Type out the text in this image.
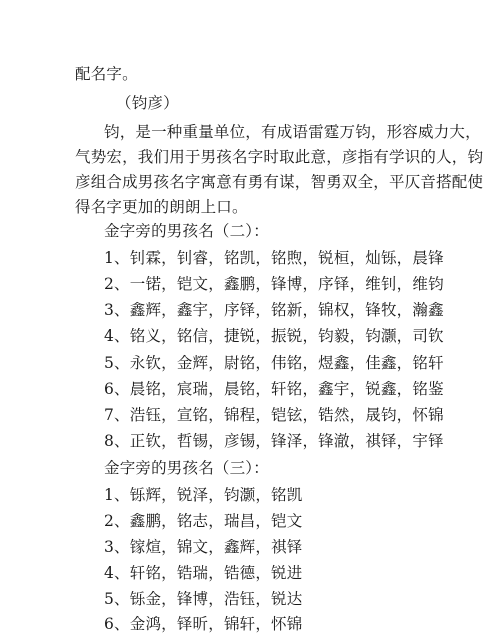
配名字。
（钧彦）
钧，是一种重量单位，有成语雷霆万钧，形容威力大，
气势宏，我们用于男孩名字时取此意，彦指有学识的人，钧
彦组合成男孩名字寓意有勇有谋，智勇双全，平仄音搭配使
得名字更加的朗朗上口。
金字旁的男孩名（二）：
1、钊霖，钊睿，铭凯，铭煦，锐桓，灿铄，晨锋
2、一锘，铠文，鑫鹏，锋博，序铎，维钊，维钧
3、鑫辉，鑫宇，序铎，铭新，锦权，锋牧，瀚鑫
4、铭义，铭信，捷锐，振锐，钧毅，钧灏，司钦
5、永钦，金辉，尉铭，伟铭，煜鑫，佳鑫，铭轩
6、晨铭，宸瑞，晨铭，轩铭，鑫宇，锐鑫，铭鉴
7、浩钰，宣铭，锦程，铠铉，锆然，晟钧，怀锦
8、正钦，哲锡，彦锡，锋泽，锋澈，祺铎，宇铎
金字旁的男孩名（三）：
1、铄辉，锐泽，钧灏，铭凯
2、鑫鹏，铭志，瑞昌，铠文
3、镓煊，锦文，鑫辉，祺铎
4、轩铭，锆瑞，锆德，锐进
5、铄金，锋博，浩钰，锐达
6、金鸿，铎昕，锦轩，怀锦
